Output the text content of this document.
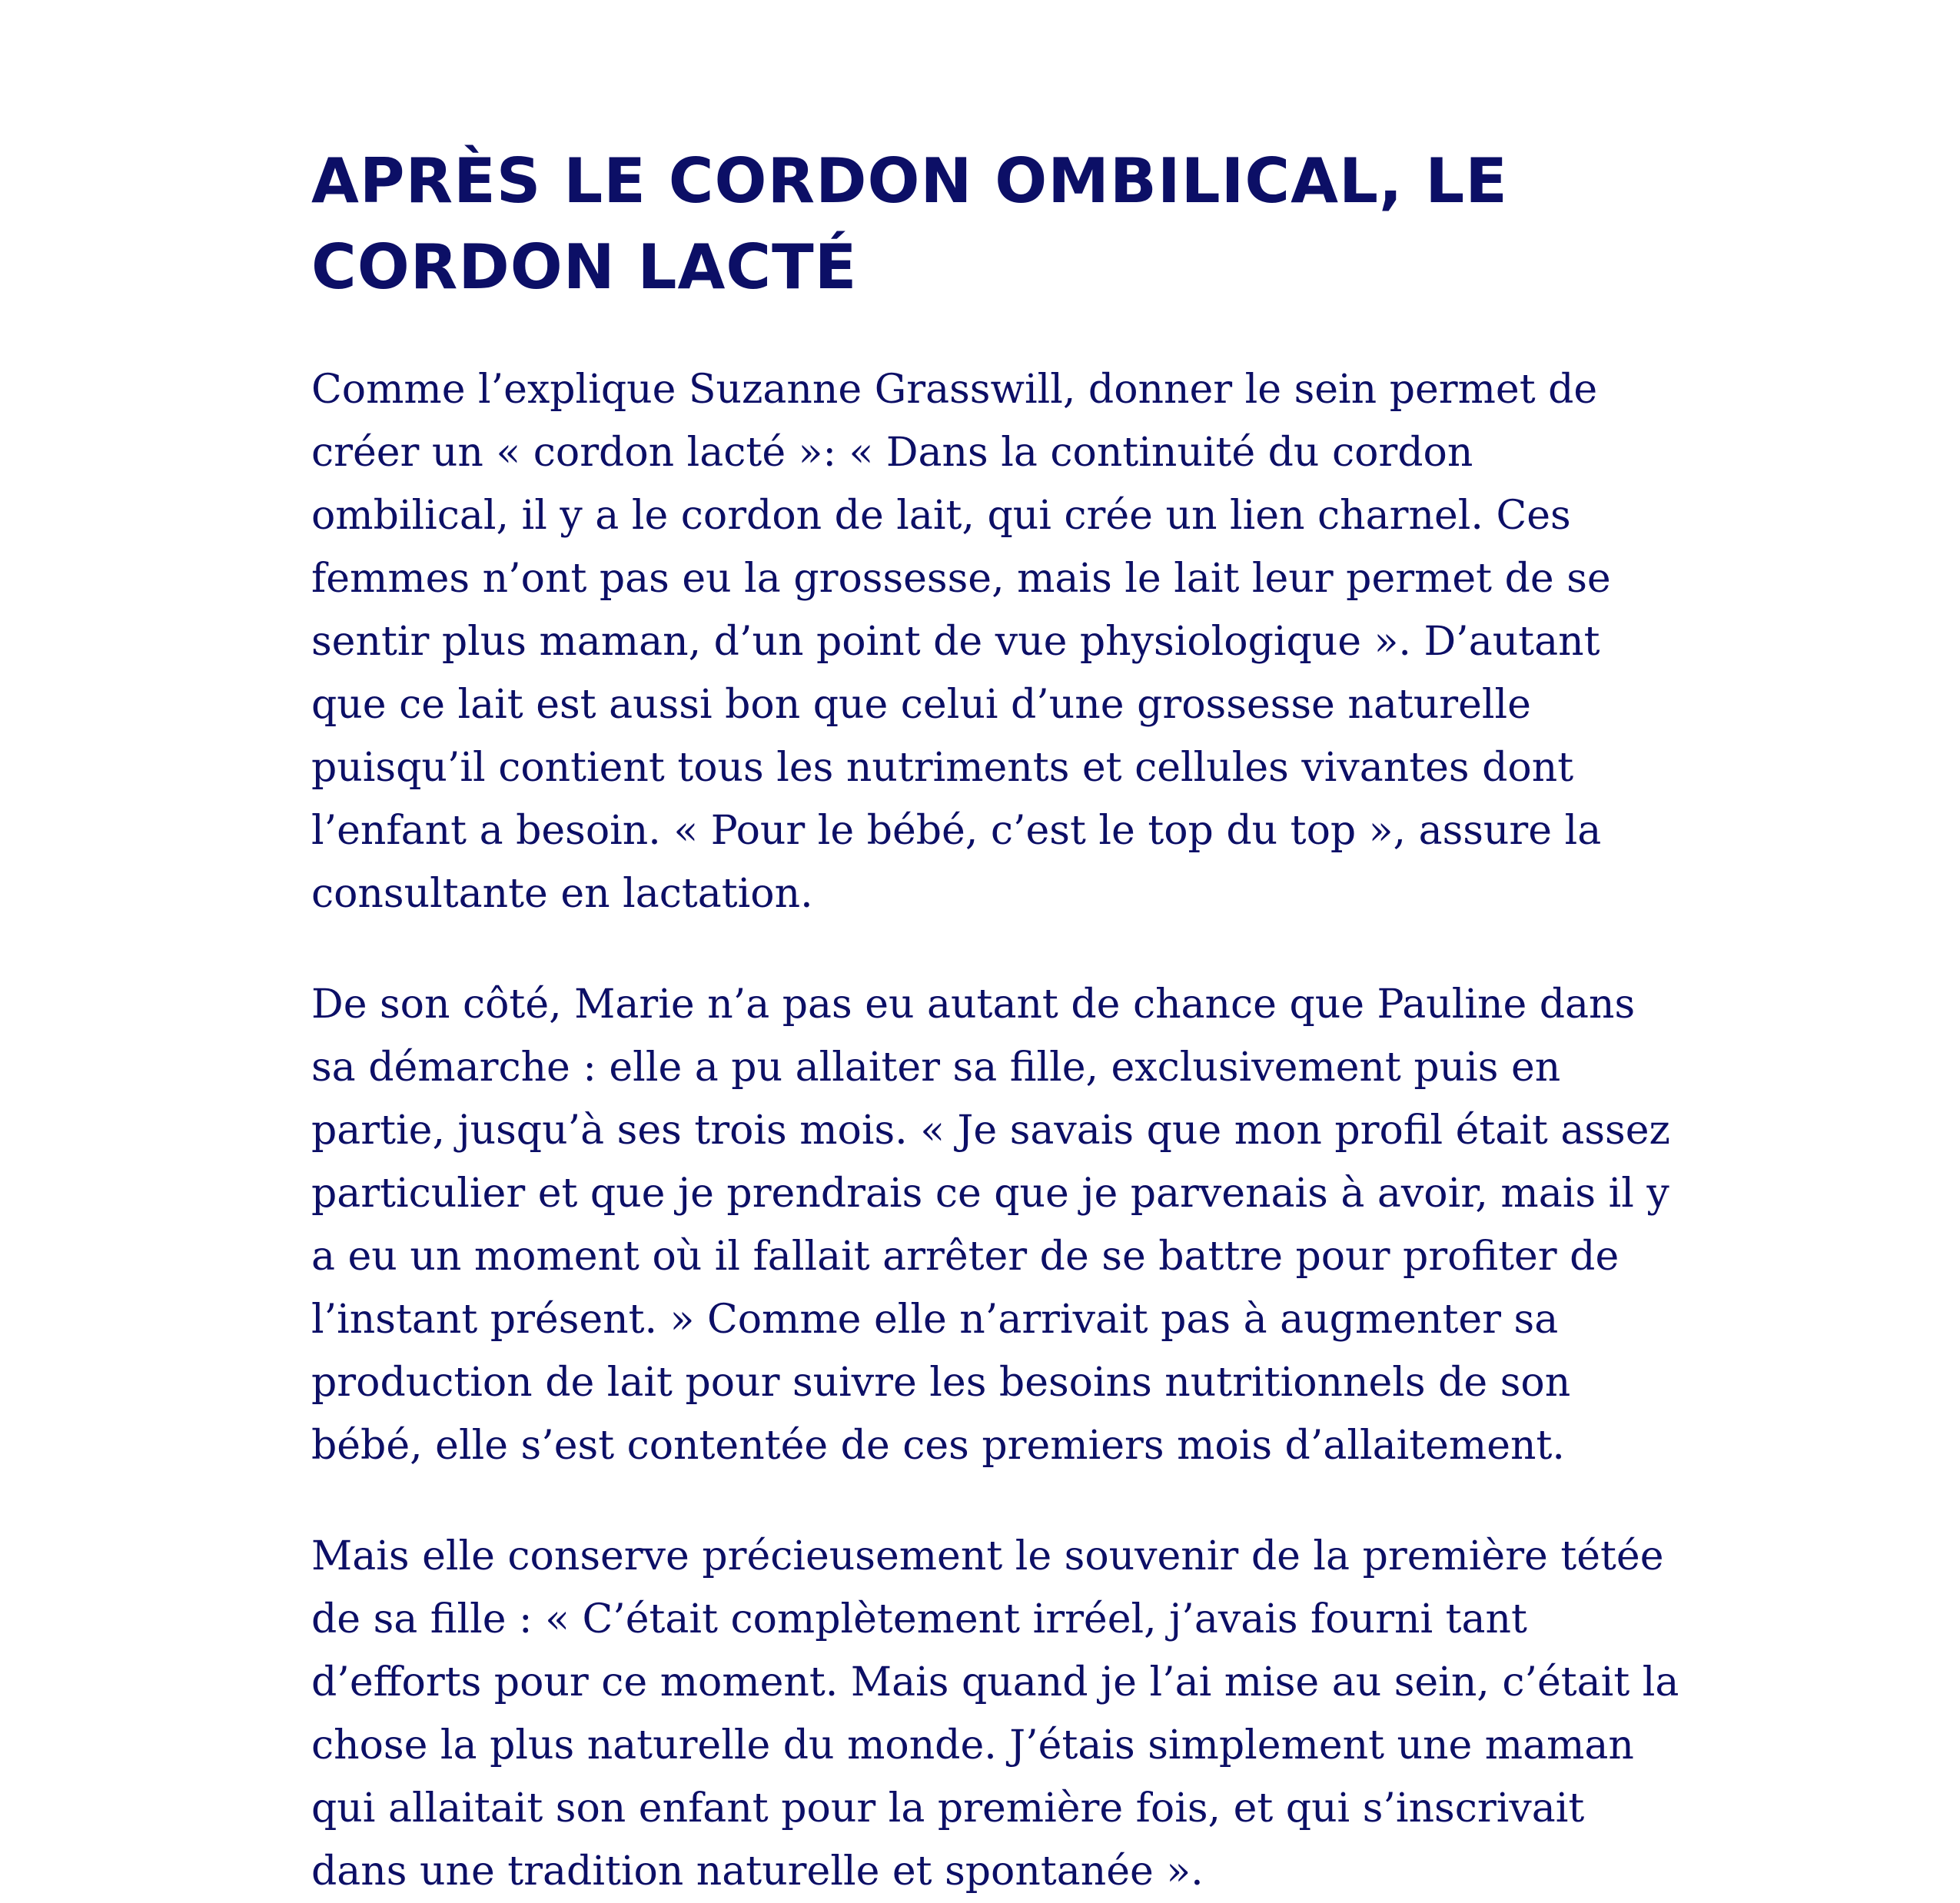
APRÈS LE CORDON OMBILICAL, LE CORDON LACTÉ

Comme l’explique Suzanne Grasswill, donner le sein permet de créer un « cordon lacté »: « Dans la continuité du cordon ombilical, il y a le cordon de lait, qui crée un lien charnel. Ces femmes n’ont pas eu la grossesse, mais le lait leur permet de se sentir plus maman, d’un point de vue physiologique ». D’autant que ce lait est aussi bon que celui d’une grossesse naturelle puisqu’il contient tous les nutriments et cellules vivantes dont l’enfant a besoin. « Pour le bébé, c’est le top du top », assure la consultante en lactation.

De son côté, Marie n’a pas eu autant de chance que Pauline dans sa démarche : elle a pu allaiter sa fille, exclusivement puis en partie, jusqu’à ses trois mois. « Je savais que mon profil était assez particulier et que je prendrais ce que je parvenais à avoir, mais il y a eu un moment où il fallait arrêter de se battre pour profiter de l’instant présent. » Comme elle n’arrivait pas à augmenter sa production de lait pour suivre les besoins nutritionnels de son bébé, elle s’est contentée de ces premiers mois d’allaitement.

Mais elle conserve précieusement le souvenir de la première tétée de sa fille : « C’était complètement irréel, j’avais fourni tant d’efforts pour ce moment. Mais quand je l’ai mise au sein, c’était la chose la plus naturelle du monde. J’étais simplement une maman qui allaitait son enfant pour la première fois, et qui s’inscrivait dans une tradition naturelle et spontanée ».
